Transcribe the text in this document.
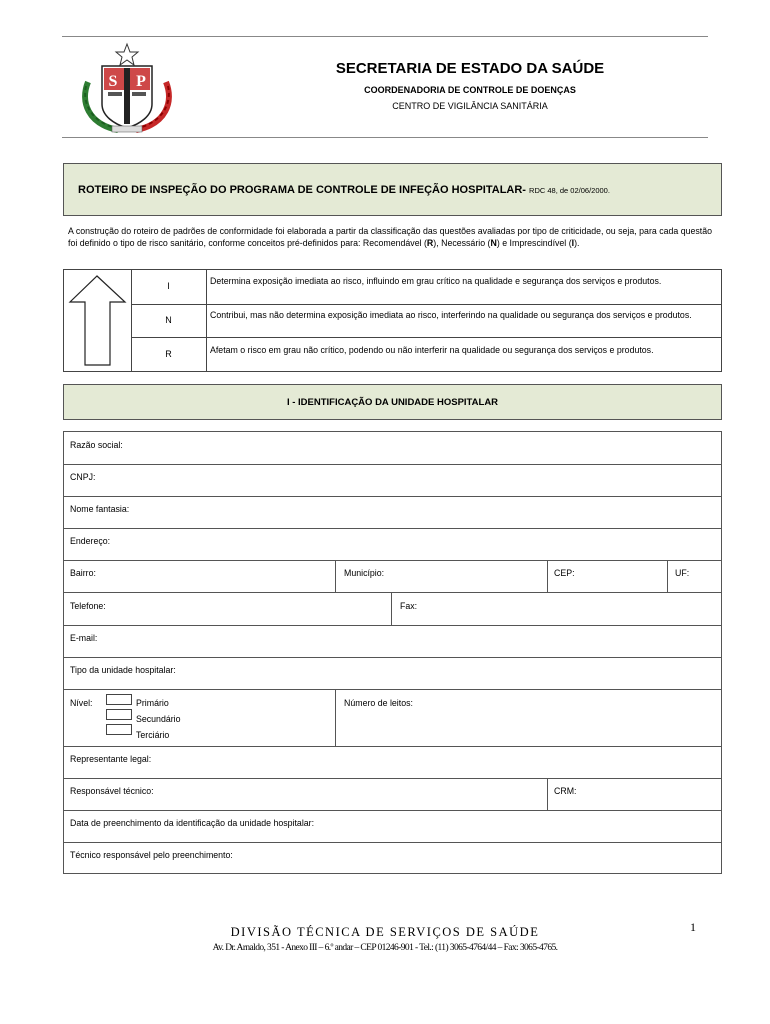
S P
SECRETARIA DE ESTADO DA SAÚDE
COORDENADORIA DE CONTROLE DE DOENÇAS
CENTRO DE VIGILÂNCIA SANITÁRIA
ROTEIRO DE INSPEÇÃO DO PROGRAMA DE CONTROLE DE INFEÇÃO HOSPITALAR- RDC 48, de 02/06/2000.
A construção do roteiro de padrões de conformidade foi elaborada a partir da classificação das questões avaliadas por tipo de criticidade, ou seja, para cada questão foi definido o tipo de risco sanitário, conforme conceitos pré-definidos para: Recomendável (R), Necessário (N) e Imprescindível (I).
I	Determina exposição imediata ao risco, influindo em grau crítico na qualidade e segurança dos serviços e produtos.
N	Contribui, mas não determina exposição imediata ao risco, interferindo na qualidade ou segurança dos serviços e produtos.
R	Afetam o risco em grau não crítico, podendo ou não interferir na qualidade ou segurança dos serviços e produtos.
I - IDENTIFICAÇÃO DA UNIDADE HOSPITALAR
Razão social:
CNPJ:
Nome fantasia:
Endereço:
Bairro:	Município:	CEP:	UF:
Telefone:	Fax:
E-mail:
Tipo da unidade hospitalar:
Nível:	Primário
Secundário
Terciário
Número de leitos:
Representante legal:
Responsável técnico:	CRM:
Data de preenchimento da identificação da unidade hospitalar:
Técnico responsável pelo preenchimento:
DIVISÃO TÉCNICA DE SERVIÇOS DE SAÚDE
Av. Dr. Arnaldo, 351 - Anexo III – 6.º andar – CEP 01246-901 - Tel.: (11) 3065-4764/44 – Fax: 3065-4765.
1
